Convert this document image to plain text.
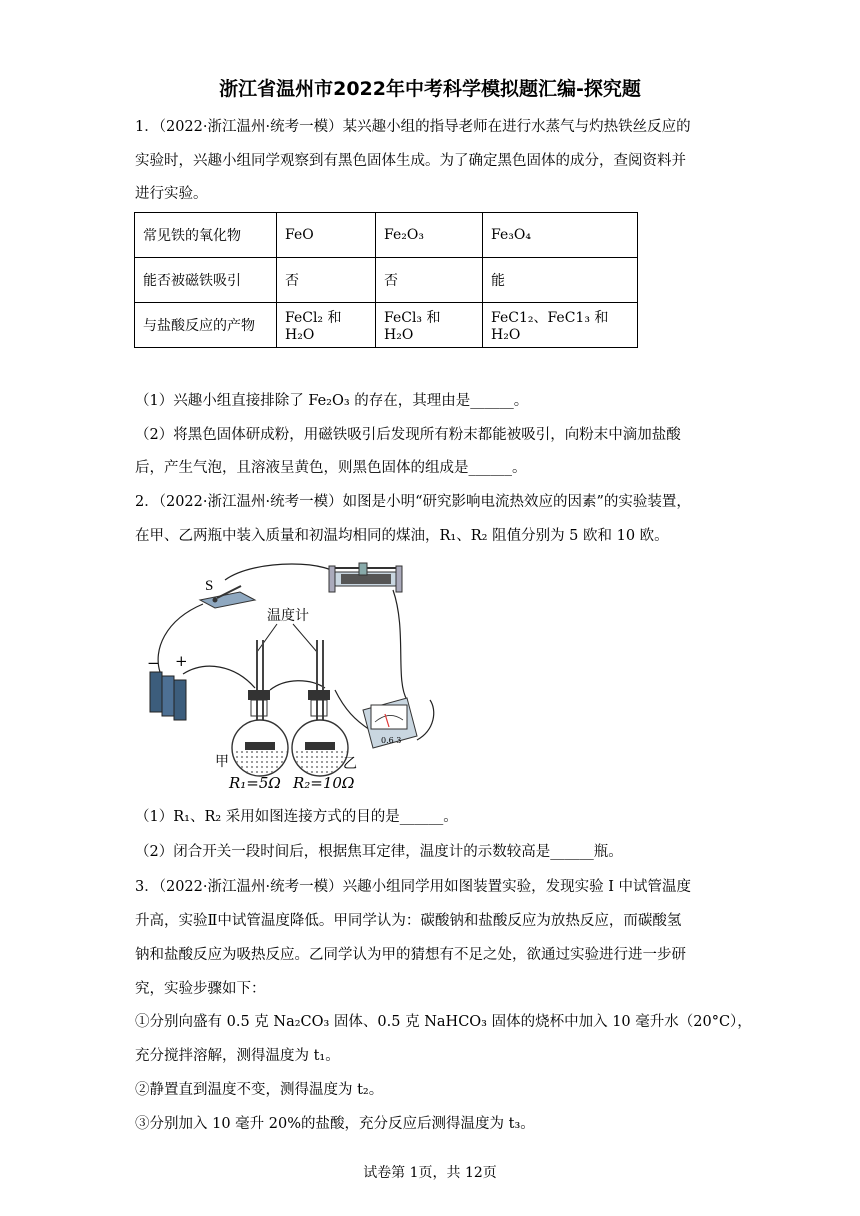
浙江省温州市2022年中考科学模拟题汇编-探究题
1．（2022·浙江温州·统考一模）某兴趣小组的指导老师在进行水蒸气与灼热铁丝反应的
实验时，兴趣小组同学观察到有黑色固体生成。为了确定黑色固体的成分，查阅资料并
进行实验。
常见铁的氧化物	FeO	Fe₂O₃	Fe₃O₄
能否被磁铁吸引	否	否	能
与盐酸反应的产物	FeCl₂ 和 H₂O	FeCl₃ 和 H₂O	FeC1₂、FeC1₃ 和 H₂O
（1）兴趣小组直接排除了 Fe₂O₃ 的存在，其理由是______。
（2）将黑色固体研成粉，用磁铁吸引后发现所有粉末都能被吸引，向粉末中滴加盐酸
后，产生气泡，且溶液呈黄色，则黑色固体的组成是______。
2．（2022·浙江温州·统考一模）如图是小明“研究影响电流热效应的因素”的实验装置，
在甲、乙两瓶中装入质量和初温均相同的煤油，R₁、R₂ 阻值分别为 5 欧和 10 欧。
S
− +
温度计
0.6 3
甲	乙
R₁=5Ω R₂=10Ω
（1）R₁、R₂ 采用如图连接方式的目的是______。
（2）闭合开关一段时间后，根据焦耳定律，温度计的示数较高是______瓶。
3．（2022·浙江温州·统考一模）兴趣小组同学用如图装置实验，发现实验 I 中试管温度
升高，实验Ⅱ中试管温度降低。甲同学认为：碳酸钠和盐酸反应为放热反应，而碳酸氢
钠和盐酸反应为吸热反应。乙同学认为甲的猜想有不足之处，欲通过实验进行进一步研
究，实验步骤如下：
①分别向盛有 0.5 克 Na₂CO₃ 固体、0.5 克 NaHCO₃ 固体的烧杯中加入 10 毫升水（20°C），
充分搅拌溶解，测得温度为 t₁。
②静置直到温度不变，测得温度为 t₂。
③分别加入 10 毫升 20%的盐酸，充分反应后测得温度为 t₃。
试卷第 1页，共 12页
